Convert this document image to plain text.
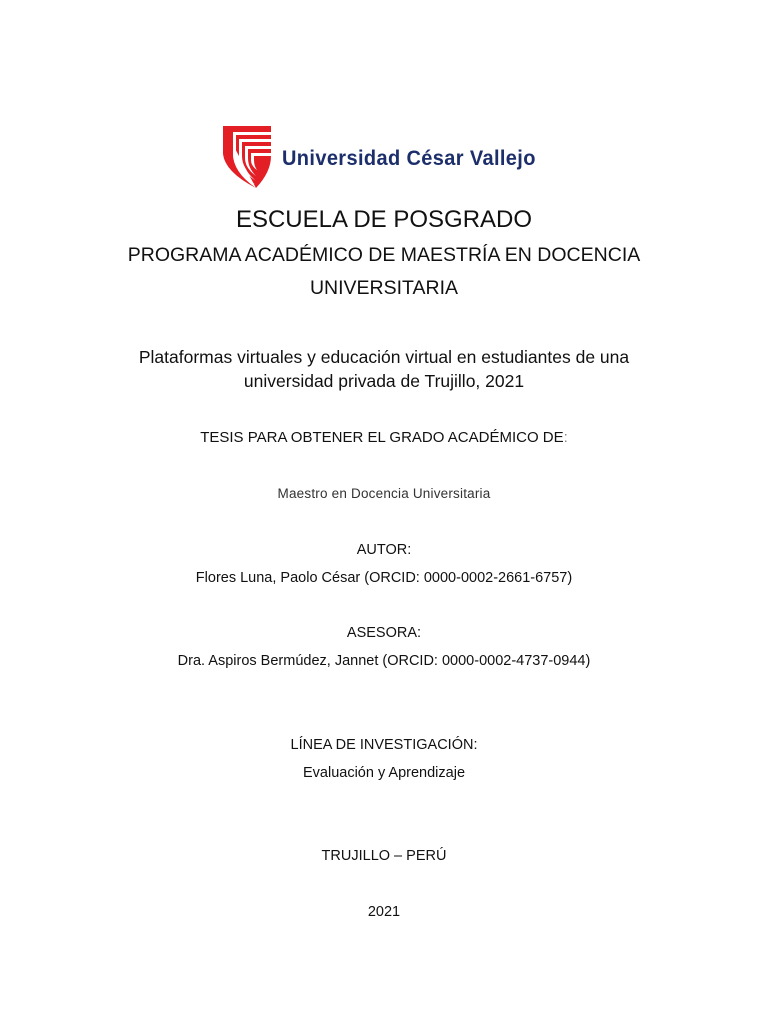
Universidad César Vallejo
ESCUELA DE POSGRADO
PROGRAMA ACADÉMICO DE MAESTRÍA EN DOCENCIA
UNIVERSITARIA
Plataformas virtuales y educación virtual en estudiantes de una
universidad privada de Trujillo, 2021
TESIS PARA OBTENER EL GRADO ACADÉMICO DE:
Maestro en Docencia Universitaria
AUTOR:
Flores Luna, Paolo César (ORCID: 0000-0002-2661-6757)
ASESORA:
Dra. Aspiros Bermúdez, Jannet (ORCID: 0000-0002-4737-0944)
LÍNEA DE INVESTIGACIÓN:
Evaluación y Aprendizaje
TRUJILLO – PERÚ
2021
